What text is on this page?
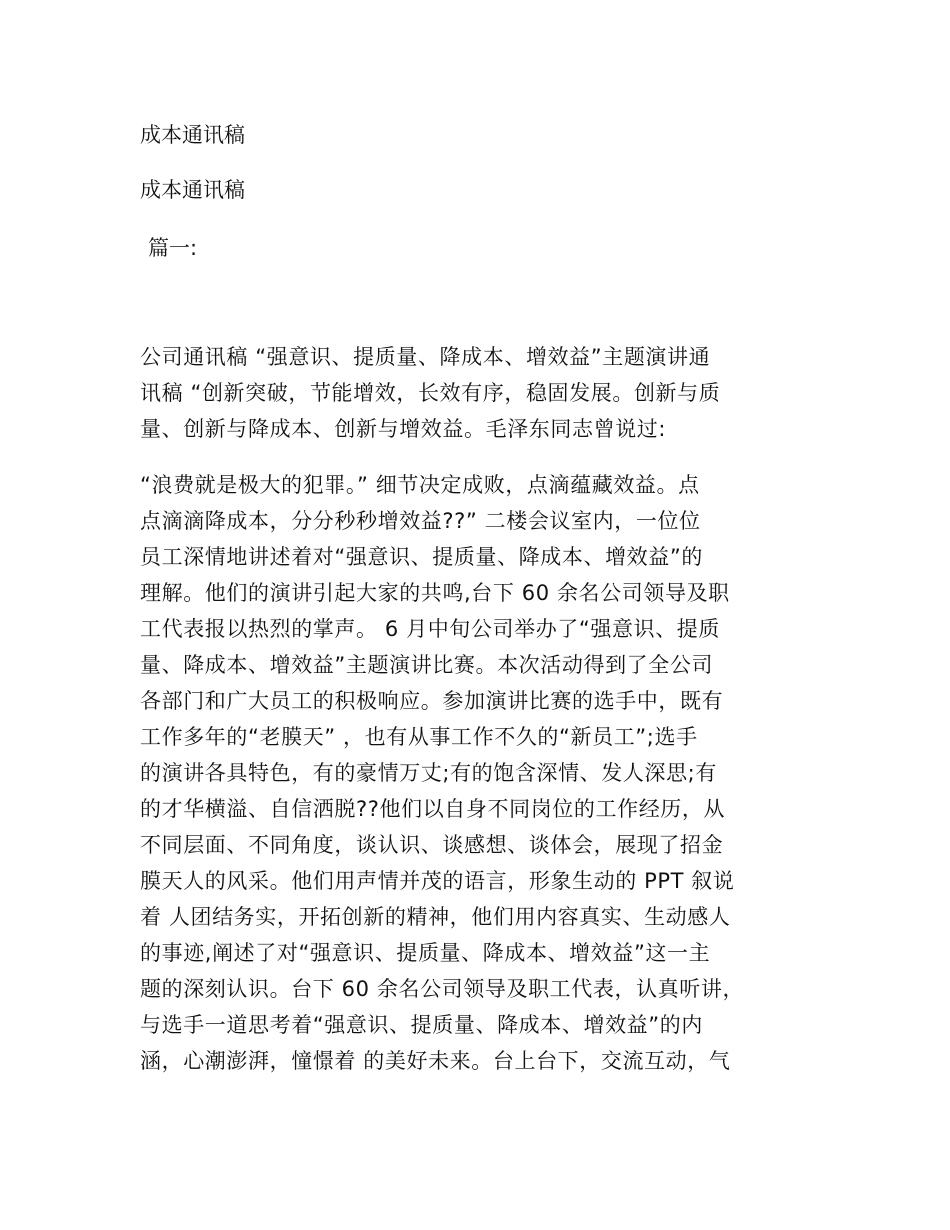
成本通讯稿
成本通讯稿
篇一:
公司通讯稿 “强意识、提质量、降成本、增效益”主题演讲通
讯稿 “创新突破，节能增效，长效有序，稳固发展。创新与质
量、创新与降成本、创新与增效益。毛泽东同志曾说过:
“浪费就是极大的犯罪。” 细节决定成败，点滴蕴藏效益。点
点滴滴降成本，分分秒秒增效益??” 二楼会议室内，一位位
员工深情地讲述着对“强意识、提质量、降成本、增效益”的
理解。他们的演讲引起大家的共鸣,台下 60 余名公司领导及职
工代表报以热烈的掌声。 6 月中旬公司举办了“强意识、提质
量、降成本、增效益”主题演讲比赛。本次活动得到了全公司
各部门和广大员工的积极响应。参加演讲比赛的选手中，既有
工作多年的“老膜天” ，也有从事工作不久的“新员工”;选手
的演讲各具特色，有的豪情万丈;有的饱含深情、发人深思;有
的才华横溢、自信洒脱??他们以自身不同岗位的工作经历，从
不同层面、不同角度，谈认识、谈感想、谈体会，展现了招金
膜天人的风采。他们用声情并茂的语言，形象生动的 PPT 叙说
着 人团结务实，开拓创新的精神，他们用内容真实、生动感人
的事迹,阐述了对“强意识、提质量、降成本、增效益”这一主
题的深刻认识。台下 60 余名公司领导及职工代表，认真听讲，
与选手一道思考着“强意识、提质量、降成本、增效益”的内
涵，心潮澎湃，憧憬着 的美好未来。台上台下，交流互动，气
